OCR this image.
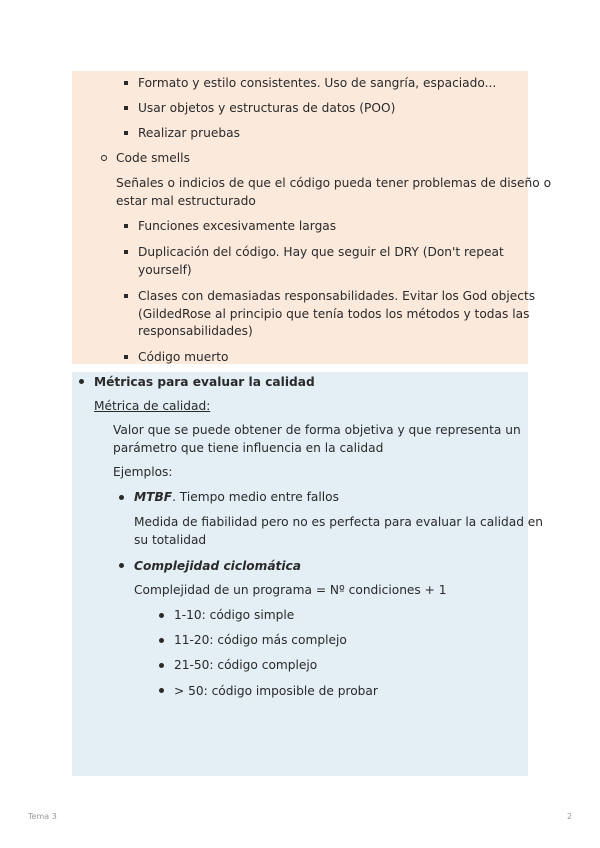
Formato y estilo consistentes. Uso de sangría, espaciado...
Usar objetos y estructuras de datos (POO)
Realizar pruebas
Code smells
Señales o indicios de que el código pueda tener problemas de diseño o
estar mal estructurado
Funciones excesivamente largas
Duplicación del código. Hay que seguir el DRY (Don't repeat
yourself)
Clases con demasiadas responsabilidades. Evitar los God objects
(GildedRose al principio que tenía todos los métodos y todas las
responsabilidades)
Código muerto
Métricas para evaluar la calidad
Métrica de calidad:
Valor que se puede obtener de forma objetiva y que representa un
parámetro que tiene influencia en la calidad
Ejemplos:
MTBF. Tiempo medio entre fallos
Medida de fiabilidad pero no es perfecta para evaluar la calidad en
su totalidad
Complejidad ciclomática
Complejidad de un programa = Nº condiciones + 1
1-10: código simple
11-20: código más complejo
21-50: código complejo
> 50: código imposible de probar
Tema 3	2
